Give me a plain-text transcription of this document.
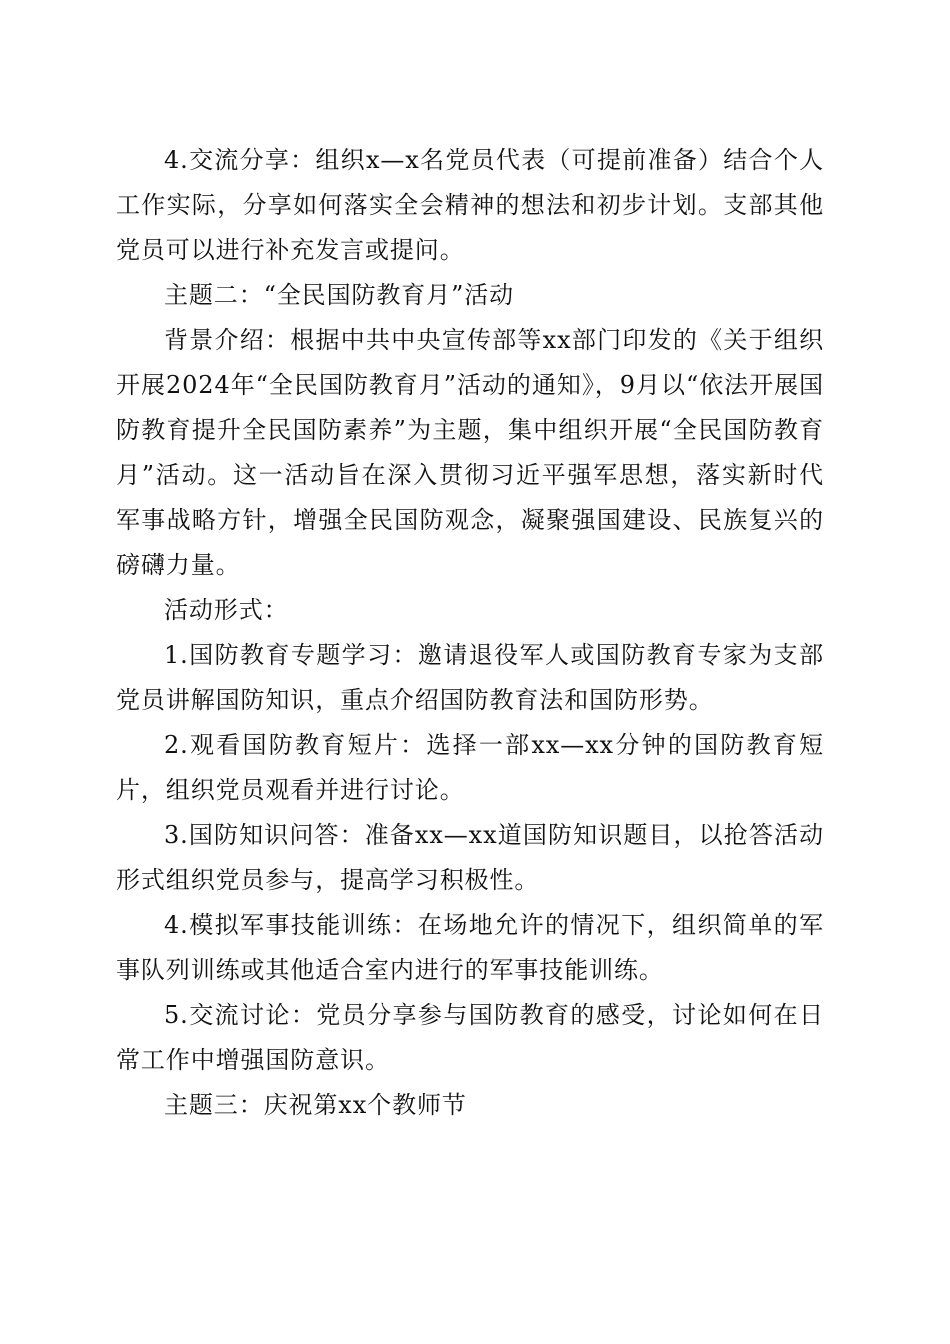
4.交流分享：组织x—x名党员代表（可提前准备）结合个人工作实际，分享如何落实全会精神的想法和初步计划。支部其他党员可以进行补充发言或提问。

主题二：“全民国防教育月”活动

背景介绍：根据中共中央宣传部等xx部门印发的《关于组织开展2024年“全民国防教育月”活动的通知》，9月以“依法开展国防教育提升全民国防素养”为主题，集中组织开展“全民国防教育月”活动。这一活动旨在深入贯彻习近平强军思想，落实新时代军事战略方针，增强全民国防观念，凝聚强国建设、民族复兴的磅礴力量。

活动形式：

1.国防教育专题学习：邀请退役军人或国防教育专家为支部党员讲解国防知识，重点介绍国防教育法和国防形势。

2.观看国防教育短片：选择一部xx—xx分钟的国防教育短片，组织党员观看并进行讨论。

3.国防知识问答：准备xx—xx道国防知识题目，以抢答活动形式组织党员参与，提高学习积极性。

4.模拟军事技能训练：在场地允许的情况下，组织简单的军事队列训练或其他适合室内进行的军事技能训练。

5.交流讨论：党员分享参与国防教育的感受，讨论如何在日常工作中增强国防意识。

主题三：庆祝第xx个教师节
